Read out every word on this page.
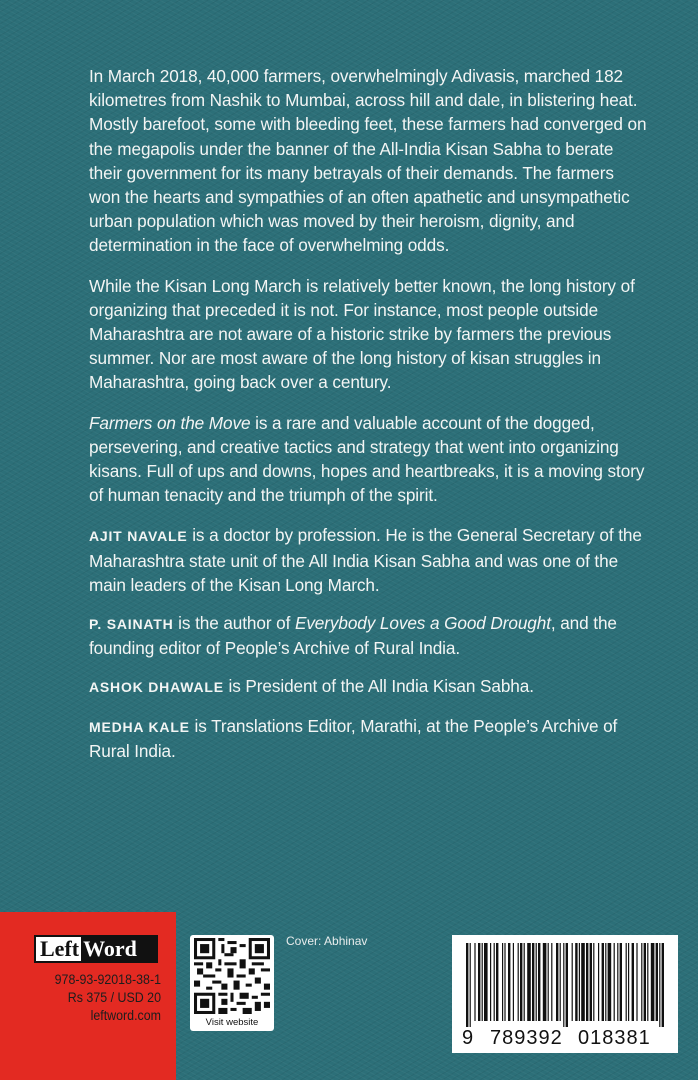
In March 2018, 40,000 farmers, overwhelmingly Adivasis, marched 182 kilometres from Nashik to Mumbai, across hill and dale, in blistering heat. Mostly barefoot, some with bleeding feet, these farmers had converged on the megapolis under the banner of the All-India Kisan Sabha to berate their government for its many betrayals of their demands. The farmers won the hearts and sympathies of an often apathetic and unsympathetic urban population which was moved by their heroism, dignity, and determination in the face of overwhelming odds.

While the Kisan Long March is relatively better known, the long history of organizing that preceded it is not. For instance, most people outside Maharashtra are not aware of a historic strike by farmers the previous summer. Nor are most aware of the long history of kisan struggles in Maharashtra, going back over a century.

Farmers on the Move is a rare and valuable account of the dogged, persevering, and creative tactics and strategy that went into organizing kisans. Full of ups and downs, hopes and heartbreaks, it is a moving story of human tenacity and the triumph of the spirit.

AJIT NAVALE is a doctor by profession. He is the General Secretary of the Maharashtra state unit of the All India Kisan Sabha and was one of the main leaders of the Kisan Long March.

P. SAINATH is the author of Everybody Loves a Good Drought, and the founding editor of People’s Archive of Rural India.

ASHOK DHAWALE is President of the All India Kisan Sabha.

MEDHA KALE is Translations Editor, Marathi, at the People’s Archive of Rural India.

Left Word
978-93-92018-38-1
Rs 375 / USD 20
leftword.com	Visit website
Cover: Abhinav
9 789392 018381
